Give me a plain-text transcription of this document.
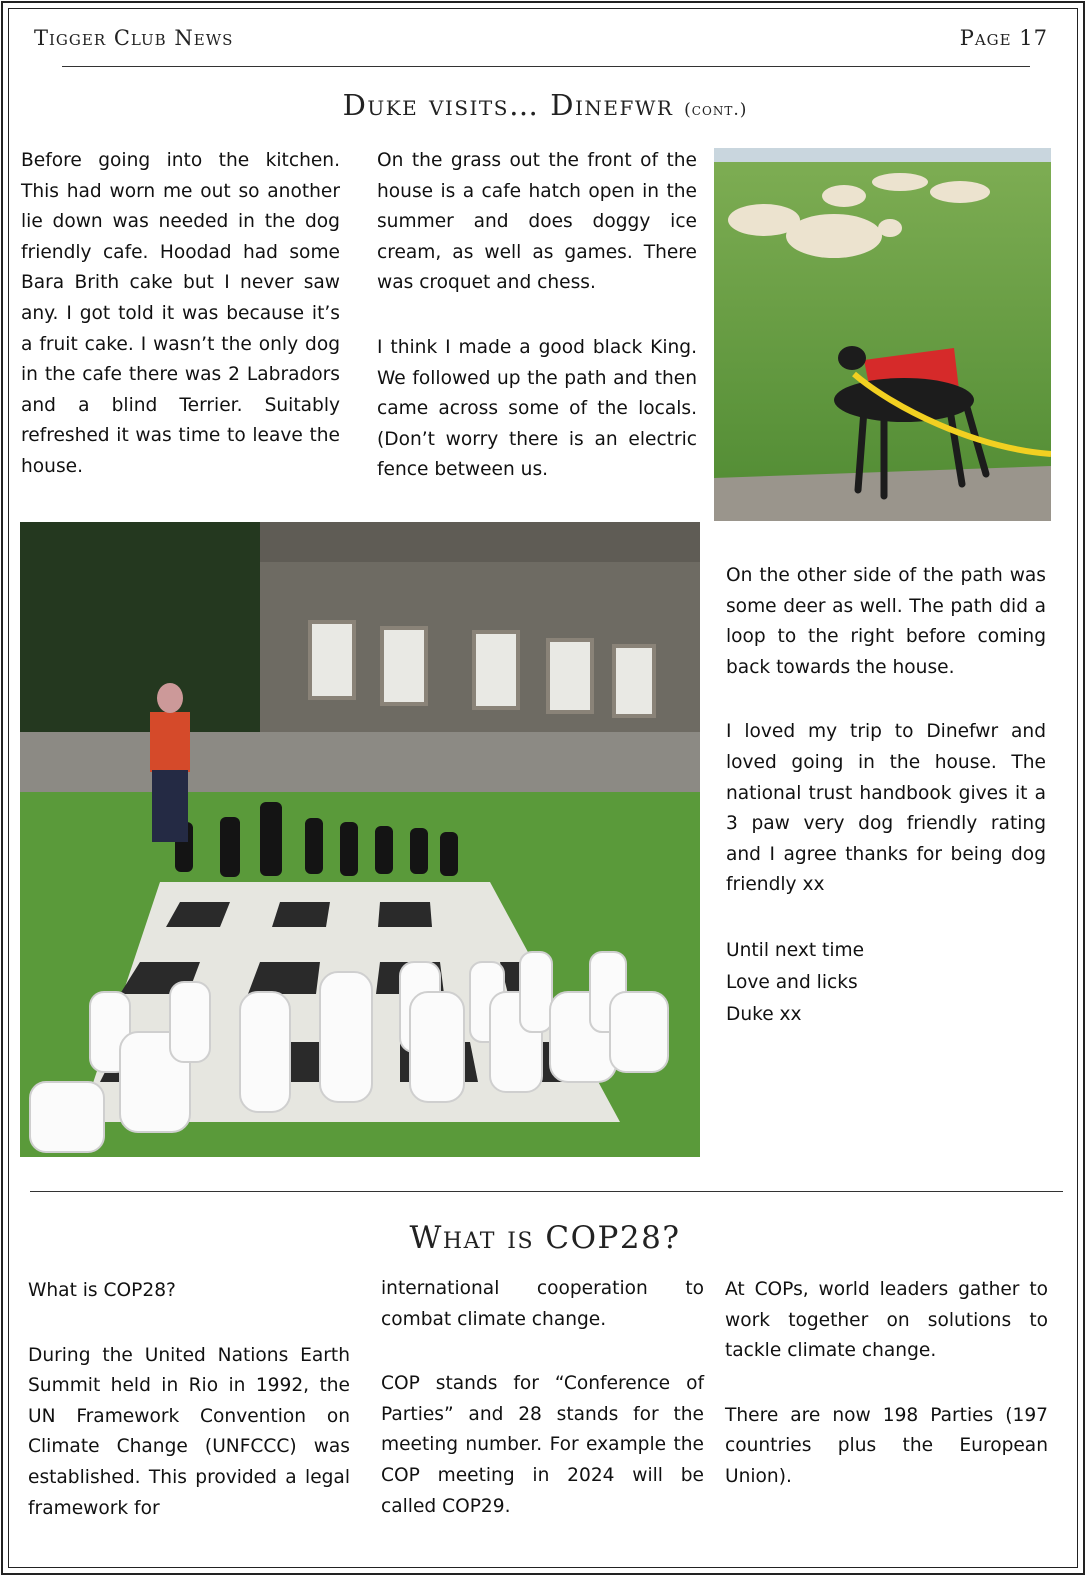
Tigger Club News	Page 17
Duke visits… Dinefwr (cont.)

Before going into the kitchen. This had worn me out so another lie down was needed in the dog friendly cafe. Hoodad had some Bara Brith cake but I never saw any. I got told it was because it’s a fruit cake. I wasn’t the only dog in the cafe there was 2 Labradors and a blind Terrier. Suitably refreshed it was time to leave the house.

On the grass out the front of the house is a cafe hatch open in the summer and does doggy ice cream, as well as games. There was croquet and chess.

I think I made a good black King. We followed up the path and then came across some of the locals. (Don’t worry there is an electric fence between us.

On the other side of the path was some deer as well. The path did a loop to the right before coming back towards the house.

I loved my trip to Dinefwr and loved going in the house. The national trust handbook gives it a 3 paw very dog friendly rating and I agree thanks for being dog friendly xx

Until next time
Love and licks
Duke xx
What is COP28?

What is COP28?

During the United Nations Earth Summit held in Rio in 1992, the UN Framework Convention on Climate Change (UNFCCC) was established. This provided a legal framework for

international cooperation to combat climate change.

COP stands for “Conference of Parties” and 28 stands for the meeting number. For example the COP meeting in 2024 will be called COP29.

At COPs, world leaders gather to work together on solutions to tackle climate change.

There are now 198 Parties (197 countries plus the European Union).
